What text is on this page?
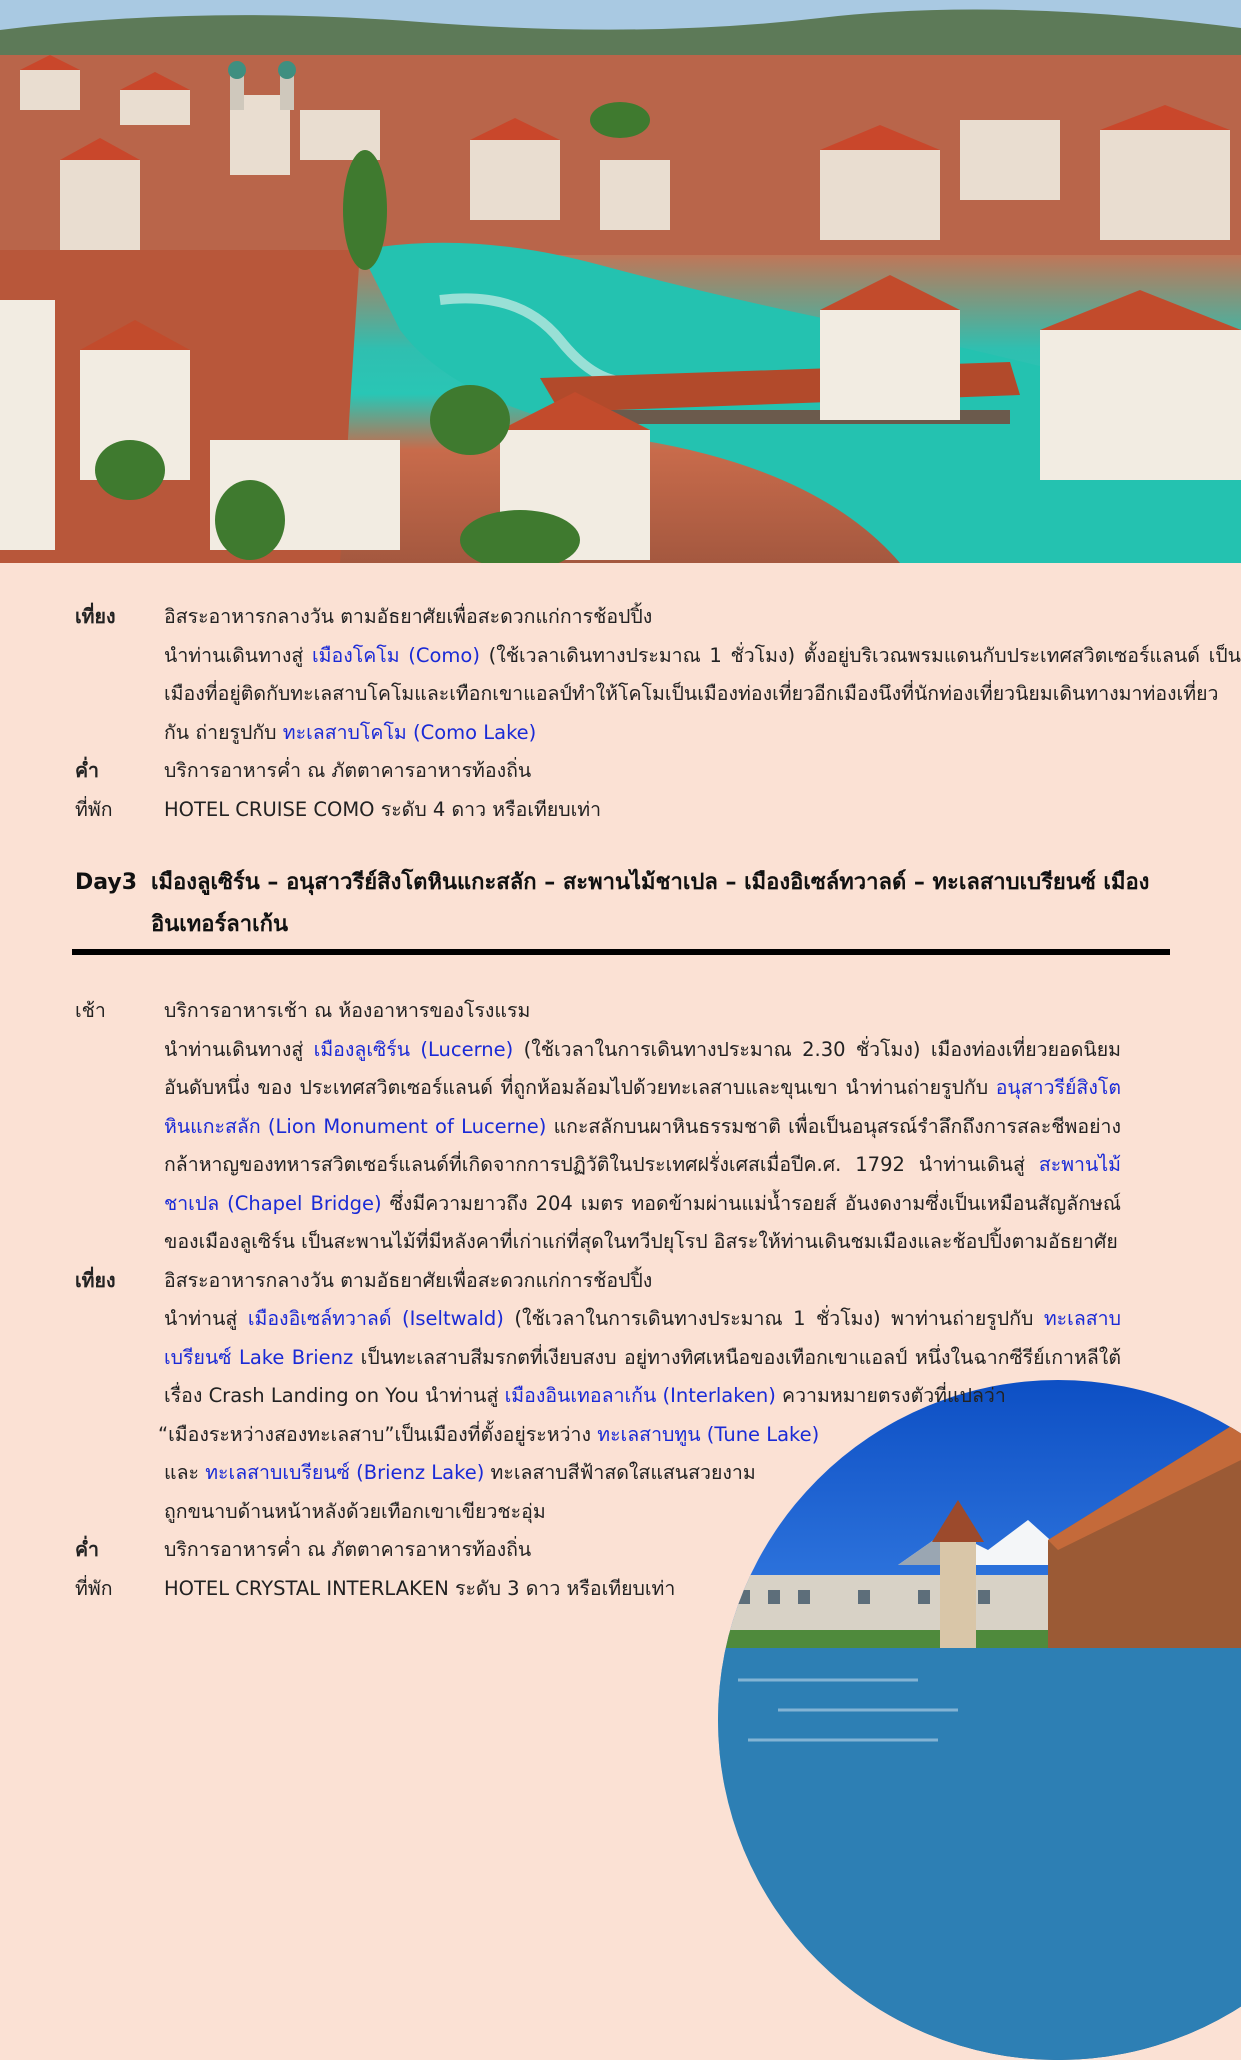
เที่ยง อิสระอาหารกลางวัน ตามอัธยาศัยเพื่อสะดวกแก่การช้อปปิ้ง
นำท่านเดินทางสู่ เมืองโคโม (Como) (ใช้เวลาเดินทางประมาณ 1 ชั่วโมง) ตั้งอยู่บริเวณพรมแดนกับประเทศสวิตเซอร์แลนด์ เป็นเมืองที่อยู่ติดกับทะเลสาบโคโมและเทือกเขาแอลป์ทำให้โคโมเป็นเมืองท่องเที่ยวอีกเมืองนึงที่นักท่องเที่ยวนิยมเดินทางมาท่องเที่ยวกัน ถ่ายรูปกับ ทะเลสาบโคโม (Como Lake)
ค่ำ	บริการอาหารค่ำ ณ ภัตตาคารอาหารท้องถิ่น
ที่พัก	HOTEL CRUISE COMO ระดับ 4 ดาว หรือเทียบเท่า
Day3 เมืองลูเซิร์น – อนุสาวรีย์สิงโตหินแกะสลัก – สะพานไม้ชาเปล – เมืองอิเซล์ทวาลด์ – ทะเลสาบเบรียนซ์ เมืองอินเทอร์ลาเก้น
เช้า	บริการอาหารเช้า ณ ห้องอาหารของโรงแรม
นำท่านเดินทางสู่ เมืองลูเซิร์น (Lucerne) (ใช้เวลาในการเดินทางประมาณ 2.30 ชั่วโมง) เมืองท่องเที่ยวยอดนิยมอันดับหนึ่ง ของ ประเทศสวิตเซอร์แลนด์ ที่ถูกห้อมล้อมไปด้วยทะเลสาบและขุนเขา นำท่านถ่ายรูปกับ อนุสาวรีย์สิงโตหินแกะสลัก (Lion Monument of Lucerne) แกะสลักบนผาหินธรรมชาติ เพื่อเป็นอนุสรณ์รำลึกถึงการสละชีพอย่างกล้าหาญของทหารสวิตเซอร์แลนด์ที่เกิดจากการปฏิวัติในประเทศฝรั่งเศสเมื่อปีค.ศ. 1792 นำท่านเดินสู่ สะพานไม้ชาเปล (Chapel Bridge) ซึ่งมีความยาวถึง 204 เมตร ทอดข้ามผ่านแม่น้ำรอยส์ อันงดงามซึ่งเป็นเหมือนสัญลักษณ์ของเมืองลูเซิร์น เป็นสะพานไม้ที่มีหลังคาที่เก่าแก่ที่สุดในทวีปยุโรป อิสระให้ท่านเดินชมเมืองและช้อปปิ้งตามอัธยาศัย
เที่ยง อิสระอาหารกลางวัน ตามอัธยาศัยเพื่อสะดวกแก่การช้อปปิ้ง
นำท่านสู่ เมืองอิเซล์ทวาลด์ (Iseltwald) (ใช้เวลาในการเดินทางประมาณ 1 ชั่วโมง) พาท่านถ่ายรูปกับ ทะเลสาบเบรียนซ์ Lake Brienz เป็นทะเลสาบสีมรกตที่เงียบสงบ อยู่ทางทิศเหนือของเทือกเขาแอลป์ หนึ่งในฉากซีรีย์เกาหลีใต้เรื่อง Crash Landing on You นำท่านสู่ เมืองอินเทอลาเก้น (Interlaken) ความหมายตรงตัวที่แปลว่า
“เมืองระหว่างสองทะเลสาบ”เป็นเมืองที่ตั้งอยู่ระหว่าง ทะเลสาบทูน (Tune Lake)
และ ทะเลสาบเบรียนซ์ (Brienz Lake) ทะเลสาบสีฟ้าสดใสแสนสวยงาม
ถูกขนาบด้านหน้าหลังด้วยเทือกเขาเขียวชะอุ่ม
ค่ำ	บริการอาหารค่ำ ณ ภัตตาคารอาหารท้องถิ่น
ที่พัก	HOTEL CRYSTAL INTERLAKEN ระดับ 3 ดาว หรือเทียบเท่า
